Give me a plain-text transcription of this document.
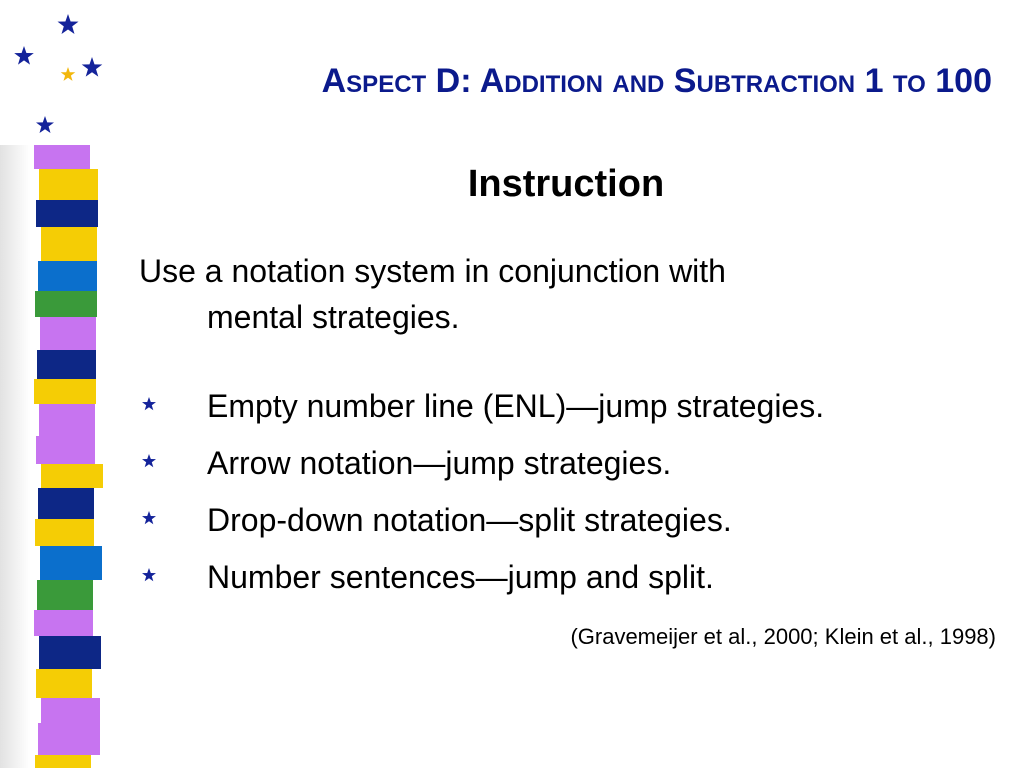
Aspect D: Addition and Subtraction 1 to 100
Instruction
Use a notation system in conjunction with
mental strategies.
Empty number line (ENL)—jump strategies.
Arrow notation—jump strategies.
Drop-down notation—split strategies.
Number sentences—jump and split.
(Gravemeijer et al., 2000; Klein et al., 1998)
